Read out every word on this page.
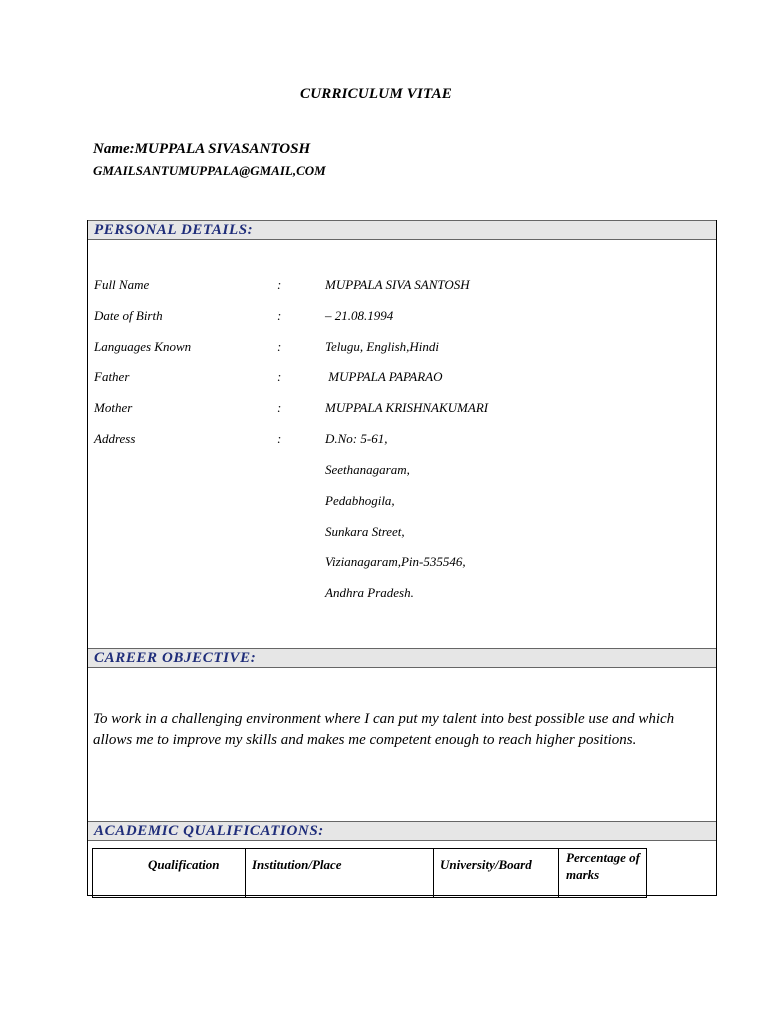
CURRICULUM VITAE
Name:MUPPALA SIVASANTOSH
GMAILSANTUMUPPALA@GMAIL,COM
PERSONAL DETAILS:
Full Name	:	MUPPALA SIVA SANTOSH
Date of Birth	:	– 21.08.1994
Languages Known	:	Telugu, English,Hindi
Father	:	MUPPALA PAPARAO
Mother	:	MUPPALA KRISHNAKUMARI
Address	:	D.No: 5-61,
Seethanagaram,
Pedabhogila,
Sunkara Street,
Vizianagaram,Pin-535546,
Andhra Pradesh.
CAREER OBJECTIVE:
To work in a challenging environment where I can put my talent into best possible use and which allows me to improve my skills and makes me competent enough to reach higher positions.
ACADEMIC QUALIFICATIONS:
Qualification	Institution/Place	University/Board	Percentage of marks
